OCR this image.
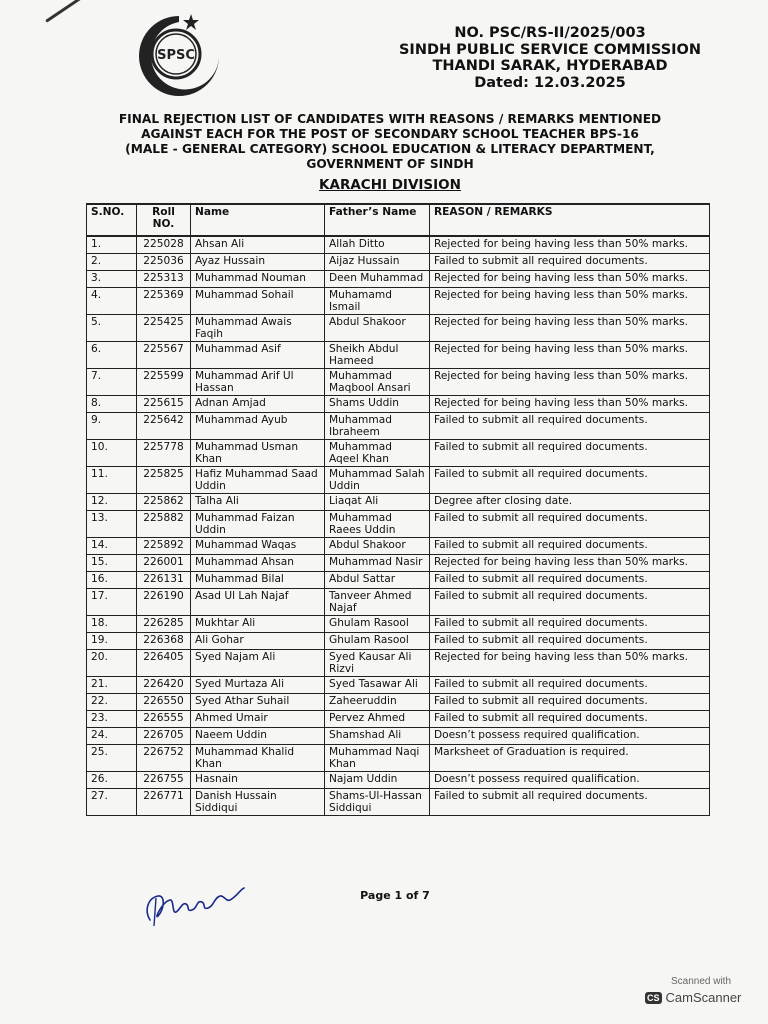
SPSC
NO. PSC/RS-II/2025/003
SINDH PUBLIC SERVICE COMMISSION
THANDI SARAK, HYDERABAD
Dated: 12.03.2025
FINAL REJECTION LIST OF CANDIDATES WITH REASONS / REMARKS MENTIONED
AGAINST EACH FOR THE POST OF SECONDARY SCHOOL TEACHER BPS-16
(MALE - GENERAL CATEGORY) SCHOOL EDUCATION & LITERACY DEPARTMENT,
GOVERNMENT OF SINDH
KARACHI DIVISION
S.NO.	Roll NO.	Name	Father’s Name	REASON / REMARKS
1.	225028	Ahsan Ali	Allah Ditto	Rejected for being having less than 50% marks.
2.	225036	Ayaz Hussain	Aijaz Hussain	Failed to submit all required documents.
3.	225313	Muhammad Nouman	Deen Muhammad	Rejected for being having less than 50% marks.
4.	225369	Muhammad Sohail	Muhamamd Ismail	Rejected for being having less than 50% marks.
5.	225425	Muhammad Awais Faqih	Abdul Shakoor	Rejected for being having less than 50% marks.
6.	225567	Muhammad Asif	Sheikh Abdul Hameed	Rejected for being having less than 50% marks.
7.	225599	Muhammad Arif Ul Hassan	Muhammad Maqbool Ansari	Rejected for being having less than 50% marks.
8.	225615	Adnan Amjad	Shams Uddin	Rejected for being having less than 50% marks.
9.	225642	Muhammad Ayub	Muhammad Ibraheem	Failed to submit all required documents.
10.	225778	Muhammad Usman Khan	Muhammad Aqeel Khan	Failed to submit all required documents.
11.	225825	Hafiz Muhammad Saad Uddin	Muhammad Salah Uddin	Failed to submit all required documents.
12.	225862	Talha Ali	Liaqat Ali	Degree after closing date.
13.	225882	Muhammad Faizan Uddin	Muhammad Raees Uddin	Failed to submit all required documents.
14.	225892	Muhammad Waqas	Abdul Shakoor	Failed to submit all required documents.
15.	226001	Muhammad Ahsan	Muhammad Nasir	Rejected for being having less than 50% marks.
16.	226131	Muhammad Bilal	Abdul Sattar	Failed to submit all required documents.
17.	226190	Asad Ul Lah Najaf	Tanveer Ahmed Najaf	Failed to submit all required documents.
18.	226285	Mukhtar Ali	Ghulam Rasool	Failed to submit all required documents.
19.	226368	Ali Gohar	Ghulam Rasool	Failed to submit all required documents.
20.	226405	Syed Najam Ali	Syed Kausar Ali Rizvi	Rejected for being having less than 50% marks.
21.	226420	Syed Murtaza Ali	Syed Tasawar Ali	Failed to submit all required documents.
22.	226550	Syed Athar Suhail	Zaheeruddin	Failed to submit all required documents.
23.	226555	Ahmed Umair	Pervez Ahmed	Failed to submit all required documents.
24.	226705	Naeem Uddin	Shamshad Ali	Doesn’t possess required qualification.
25.	226752	Muhammad Khalid Khan	Muhammad Naqi Khan	Marksheet of Graduation is required.
26.	226755	Hasnain	Najam Uddin	Doesn’t possess required qualification.
27.	226771	Danish Hussain Siddiqui	Shams-Ul-Hassan Siddiqui	Failed to submit all required documents.
Page 1 of 7
Scanned with
CS CamScanner
